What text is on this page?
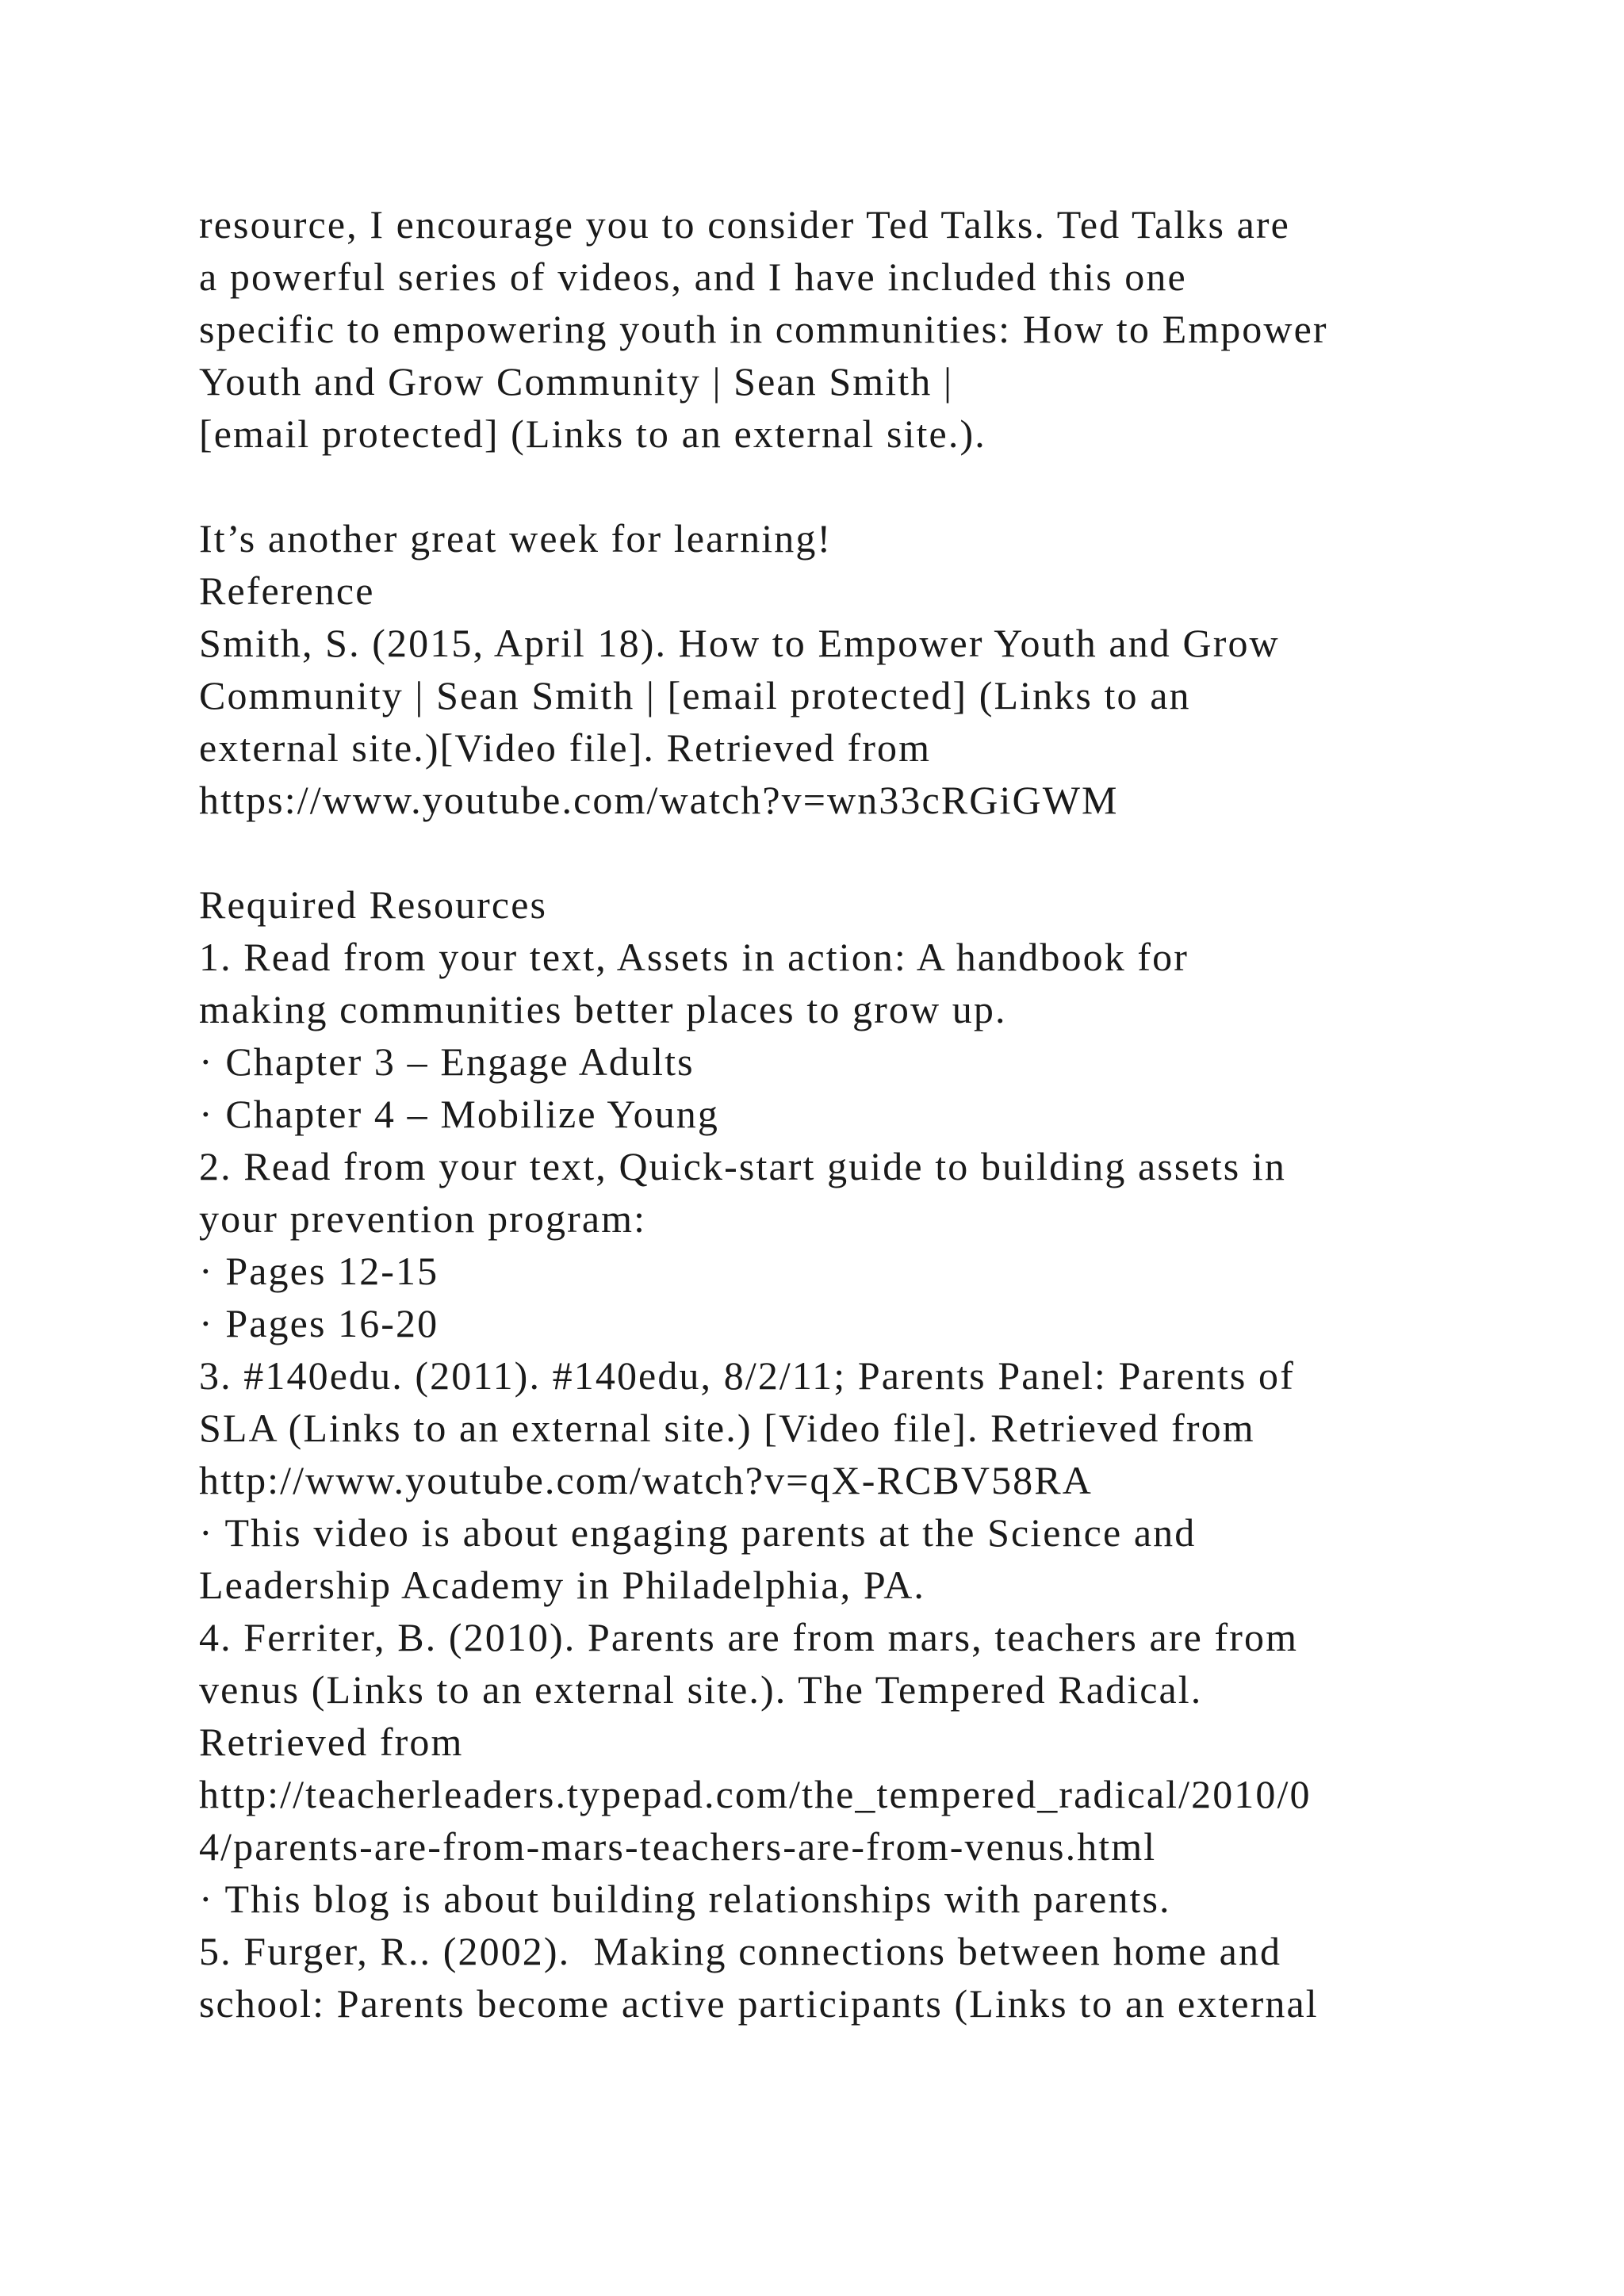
resource, I encourage you to consider Ted Talks. Ted Talks are
a powerful series of videos, and I have included this one
specific to empowering youth in communities: How to Empower
Youth and Grow Community | Sean Smith |
[email protected] (Links to an external site.).
It’s another great week for learning!
Reference
Smith, S. (2015, April 18). How to Empower Youth and Grow
Community | Sean Smith | [email protected] (Links to an
external site.)[Video file]. Retrieved from
https://www.youtube.com/watch?v=wn33cRGiGWM
Required Resources
1. Read from your text, Assets in action: A handbook for
making communities better places to grow up.
· Chapter 3 – Engage Adults
· Chapter 4 – Mobilize Young
2. Read from your text, Quick-start guide to building assets in
your prevention program:
· Pages 12-15
· Pages 16-20
3. #140edu. (2011). #140edu, 8/2/11; Parents Panel: Parents of
SLA (Links to an external site.) [Video file]. Retrieved from
http://www.youtube.com/watch?v=qX-RCBV58RA
· This video is about engaging parents at the Science and
Leadership Academy in Philadelphia, PA.
4. Ferriter, B. (2010). Parents are from mars, teachers are from
venus (Links to an external site.). The Tempered Radical.
Retrieved from
http://teacherleaders.typepad.com/the_tempered_radical/2010/0
4/parents-are-from-mars-teachers-are-from-venus.html
· This blog is about building relationships with parents.
5. Furger, R.. (2002).  Making connections between home and
school: Parents become active participants (Links to an external
